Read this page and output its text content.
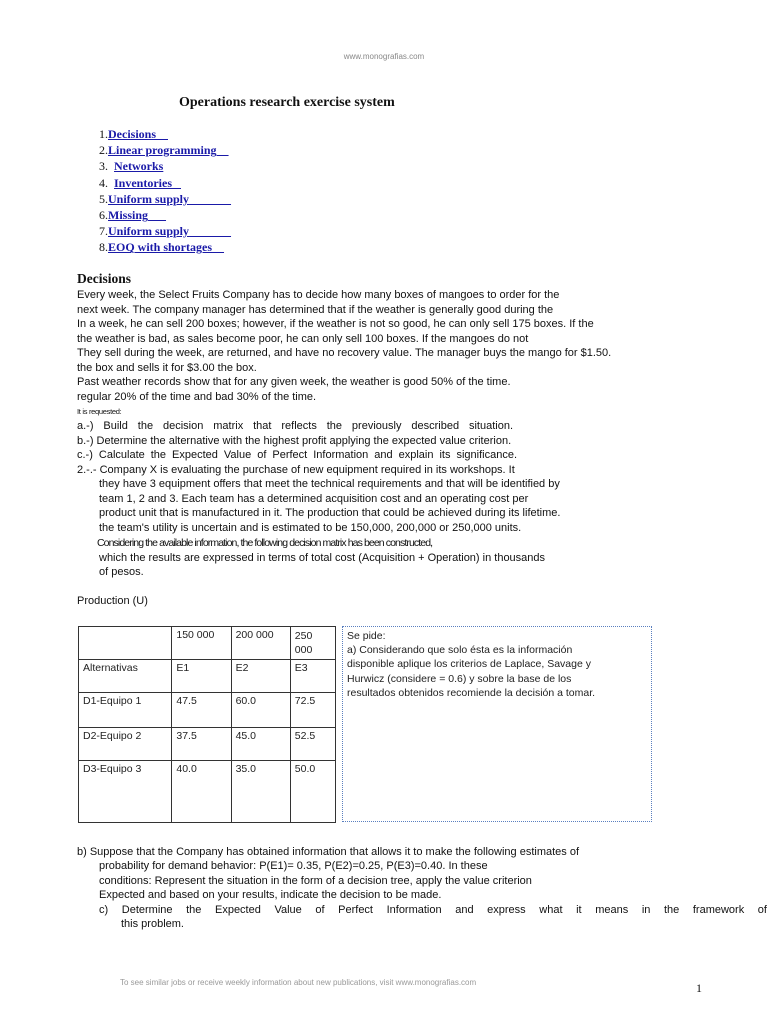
www.monografias.com
Operations research exercise system
1.Decisions
2.Linear programming
3.  Networks
4.  Inventories
5.Uniform supply
6.Missing
7.Uniform supply
8.EOQ with shortages
Decisions
Every week, the Select Fruits Company has to decide how many boxes of mangoes to order for the
next week. The company manager has determined that if the weather is generally good during the
In a week, he can sell 200 boxes; however, if the weather is not so good, he can only sell 175 boxes. If the
the weather is bad, as sales become poor, he can only sell 100 boxes. If the mangoes do not
They sell during the week, are returned, and have no recovery value. The manager buys the mango for $1.50.
the box and sells it for $3.00 the box.
Past weather records show that for any given week, the weather is good 50% of the time.
regular 20% of the time and bad 30% of the time.
It is requested:
a.-) Build the decision matrix that reflects the previously described situation.
b.-) Determine the alternative with the highest profit applying the expected value criterion.
c.-) Calculate the Expected Value of Perfect Information and explain its significance.
2.-.- Company X is evaluating the purchase of new equipment required in its workshops. It
they have 3 equipment offers that meet the technical requirements and that will be identified by
team 1, 2 and 3. Each team has a determined acquisition cost and an operating cost per
product unit that is manufactured in it. The production that could be achieved during its lifetime.
the team's utility is uncertain and is estimated to be 150,000, 200,000 or 250,000 units.
Considering the available information, the following decision matrix has been constructed,
which the results are expressed in terms of total cost (Acquisition + Operation) in thousands
of pesos.
Production (U)
	150 000	200 000	250 000
Alternativas	E1	E2	E3
D1-Equipo 1	47.5	60.0	72.5
D2-Equipo 2	37.5	45.0	52.5
D3-Equipo 3	40.0	35.0	50.0
Se pide:
a) Considerando que solo ésta es la información
disponible aplique los criterios de Laplace, Savage y
Hurwicz (considere = 0.6) y sobre la base de los
resultados obtenidos recomiende la decisión a tomar.
b) Suppose that the Company has obtained information that allows it to make the following estimates of
probability for demand behavior: P(E1)= 0.35, P(E2)=0.25, P(E3)=0.40. In these
conditions: Represent the situation in the form of a decision tree, apply the value criterion
Expected and based on your results, indicate the decision to be made.
c) Determine the Expected Value of Perfect Information and express what it means in the framework of
this problem.
To see similar jobs or receive weekly information about new publications, visit www.monografias.com	1
